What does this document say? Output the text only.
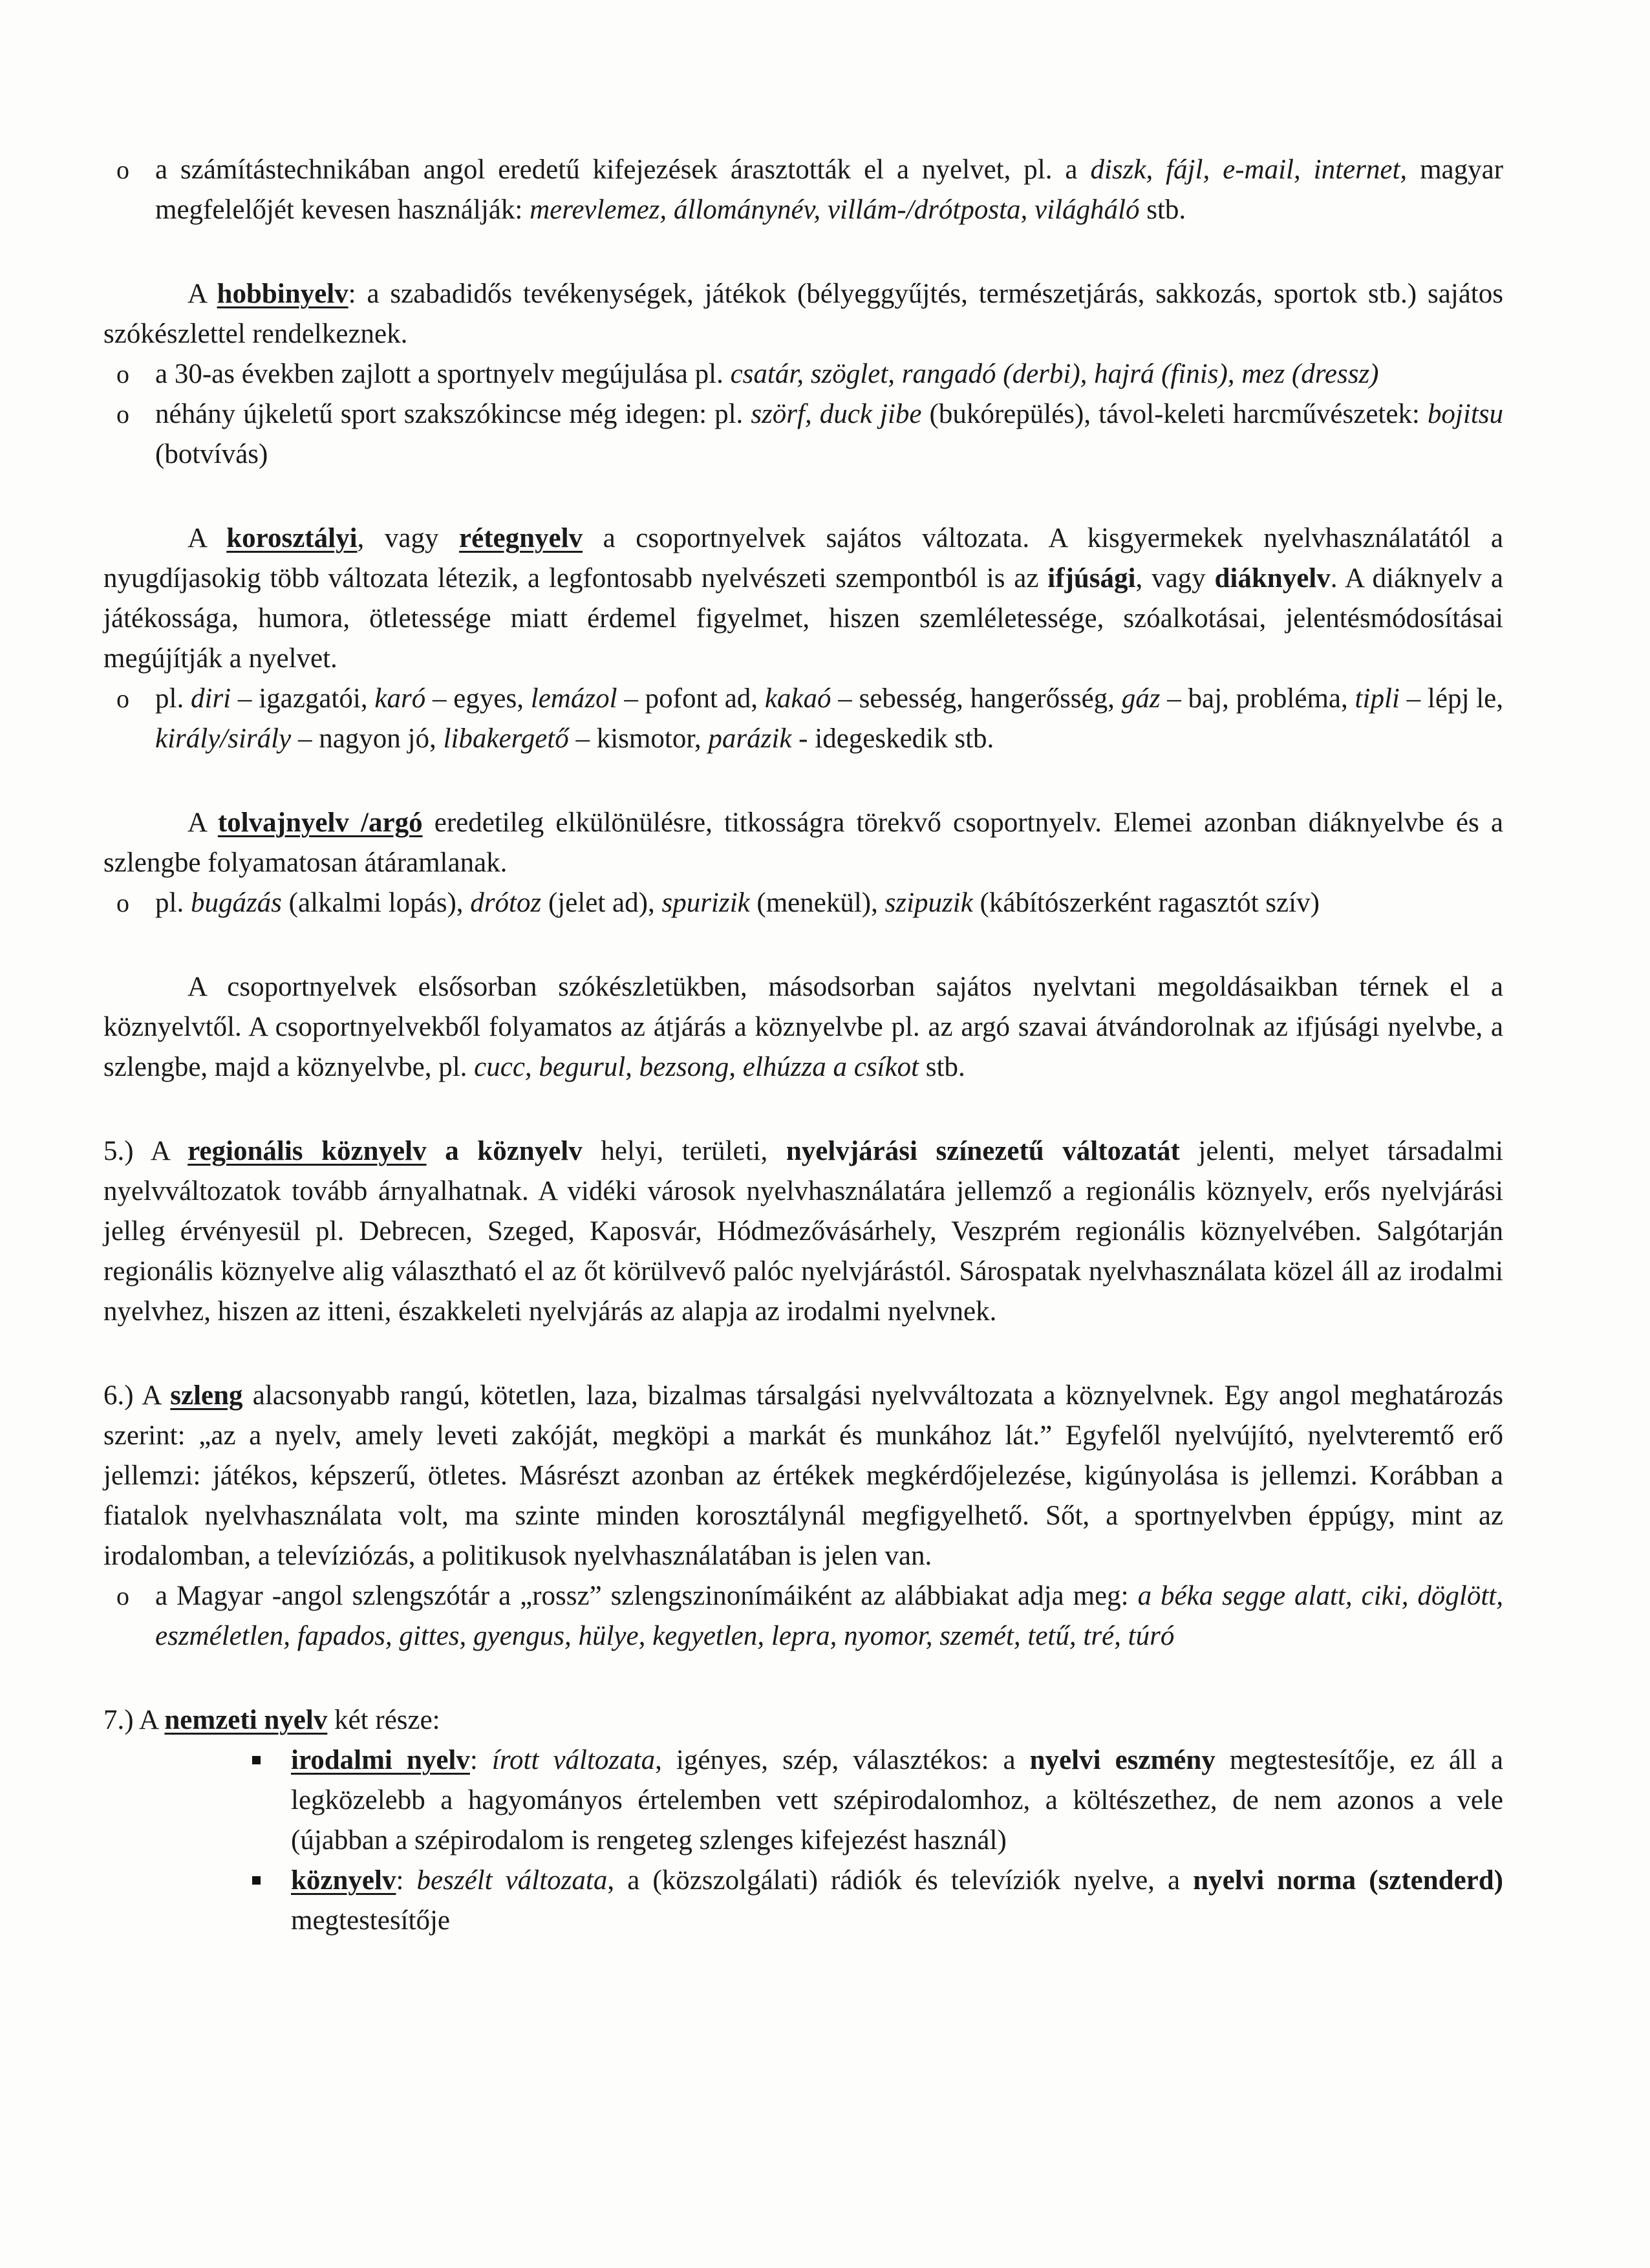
o a számítástechnikában angol eredetű kifejezések árasztották el a nyelvet, pl. a diszk, fájl, e-mail, internet, magyar megfelelőjét kevesen használják: merevlemez, állománynév, villám-/drótposta, világháló stb.

A hobbinyelv: a szabadidős tevékenységek, játékok (bélyeggyűjtés, természetjárás, sakkozás, sportok stb.) sajátos szókészlettel rendelkeznek.

o a 30-as években zajlott a sportnyelv megújulása pl. csatár, szöglet, rangadó (derbi), hajrá (finis), mez (dressz)
o néhány újkeletű sport szakszókincse még idegen: pl. szörf, duck jibe (bukórepülés), távol-keleti harcművészetek: bojitsu (botvívás)

A korosztályi, vagy rétegnyelv a csoportnyelvek sajátos változata. A kisgyermekek nyelvhasználatától a nyugdíjasokig több változata létezik, a legfontosabb nyelvészeti szempontból is az ifjúsági, vagy diáknyelv. A diáknyelv a játékossága, humora, ötletessége miatt érdemel figyelmet, hiszen szemléletessége, szóalkotásai, jelentésmódosításai megújítják a nyelvet.

o pl. diri – igazgatói, karó – egyes, lemázol – pofont ad, kakaó – sebesség, hangerősség, gáz – baj, probléma, tipli – lépj le, király/sirály – nagyon jó, libakergető – kismotor, parázik - idegeskedik stb.

A tolvajnyelv /argó eredetileg elkülönülésre, titkosságra törekvő csoportnyelv. Elemei azonban diáknyelvbe és a szlengbe folyamatosan átáramlanak.

o pl. bugázás (alkalmi lopás), drótoz (jelet ad), spurizik (menekül), szipuzik (kábítószerként ragasztót szív)

A csoportnyelvek elsősorban szókészletükben, másodsorban sajátos nyelvtani megoldásaikban térnek el a köznyelvtől. A csoportnyelvekből folyamatos az átjárás a köznyelvbe pl. az argó szavai átvándorolnak az ifjúsági nyelvbe, a szlengbe, majd a köznyelvbe, pl. cucc, begurul, bezsong, elhúzza a csíkot stb.

5.) A regionális köznyelv a köznyelv helyi, területi, nyelvjárási színezetű változatát jelenti, melyet társadalmi nyelvváltozatok tovább árnyalhatnak. A vidéki városok nyelvhasználatára jellemző a regionális köznyelv, erős nyelvjárási jelleg érvényesül pl. Debrecen, Szeged, Kaposvár, Hódmezővásárhely, Veszprém regionális köznyelvében. Salgótarján regionális köznyelve alig választható el az őt körülvevő palóc nyelvjárástól. Sárospatak nyelvhasználata közel áll az irodalmi nyelvhez, hiszen az itteni, északkeleti nyelvjárás az alapja az irodalmi nyelvnek.

6.) A szleng alacsonyabb rangú, kötetlen, laza, bizalmas társalgási nyelvváltozata a köznyelvnek. Egy angol meghatározás szerint: „az a nyelv, amely leveti zakóját, megköpi a markát és munkához lát.” Egyfelől nyelvújító, nyelvteremtő erő jellemzi: játékos, képszerű, ötletes. Másrészt azonban az értékek megkérdőjelezése, kigúnyolása is jellemzi. Korábban a fiatalok nyelvhasználata volt, ma szinte minden korosztálynál megfigyelhető. Sőt, a sportnyelvben éppúgy, mint az irodalomban, a televíziózás, a politikusok nyelvhasználatában is jelen van.

o a Magyar -angol szlengszótár a „rossz” szlengszinonímáiként az alábbiakat adja meg: a béka segge alatt, ciki, döglött, eszméletlen, fapados, gittes, gyengus, hülye, kegyetlen, lepra, nyomor, szemét, tetű, tré, túró

7.) A nemzeti nyelv két része:

irodalmi nyelv: írott változata, igényes, szép, választékos: a nyelvi eszmény megtestesítője, ez áll a legközelebb a hagyományos értelemben vett szépirodalomhoz, a költészethez, de nem azonos a vele (újabban a szépirodalom is rengeteg szlenges kifejezést használ)
köznyelv: beszélt változata, a (közszolgálati) rádiók és televíziók nyelve, a nyelvi norma (sztenderd) megtestesítője
